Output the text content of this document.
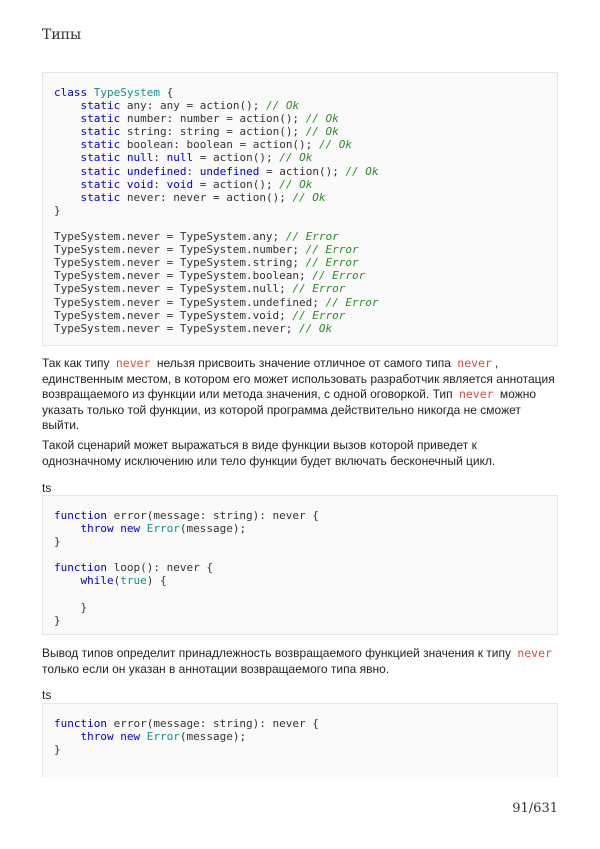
Типы
class TypeSystem {
static any: any = action(); // Ok
static number: number = action(); // Ok
static string: string = action(); // Ok
static boolean: boolean = action(); // Ok
static null: null = action(); // Ok
static undefined: undefined = action(); // Ok
static void: void = action(); // Ok
static never: never = action(); // Ok
}
TypeSystem.never = TypeSystem.any; // Error
TypeSystem.never = TypeSystem.number; // Error
TypeSystem.never = TypeSystem.string; // Error
TypeSystem.never = TypeSystem.boolean; // Error
TypeSystem.never = TypeSystem.null; // Error
TypeSystem.never = TypeSystem.undefined; // Error
TypeSystem.never = TypeSystem.void; // Error
TypeSystem.never = TypeSystem.never; // Ok
Так как типу never нельзя присвоить значение отличное от самого типа never , единственным местом, в котором его может использовать разработчик является аннотация возвращаемого из функции или метода значения, с одной оговоркой. Тип never можно указать только той функции, из которой программа действительно никогда не сможет выйти.
Такой сценарий может выражаться в виде функции вызов которой приведет к однозначному исключению или тело функции будет включать бесконечный цикл.
ts
function error(message: string): never {
throw new Error(message);
}
function loop(): never {
while(true) {
}
}
Вывод типов определит принадлежность возвращаемого функцией значения к типу never только если он указан в аннотации возвращаемого типа явно.
ts
function error(message: string): never {
throw new Error(message);
}
91/631
